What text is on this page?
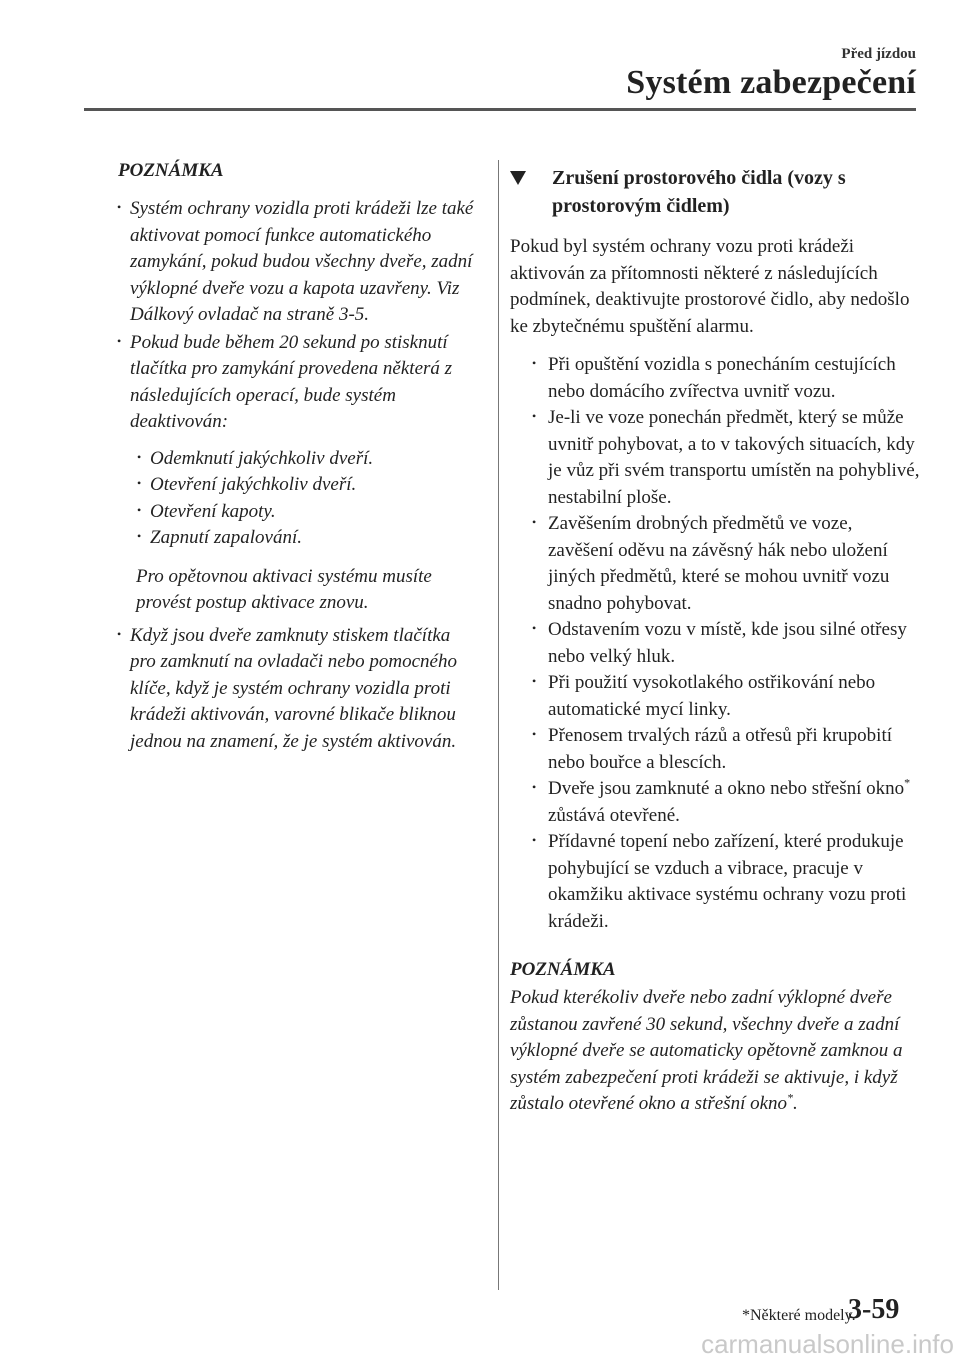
Před jízdou
Systém zabezpečení
POZNÁMKA
• Systém ochrany vozidla proti krádeži lze také aktivovat pomocí funkce automatického zamykání, pokud budou všechny dveře, zadní výklopné dveře vozu a kapota uzavřeny. Viz Dálkový ovladač na straně 3-5.
• Pokud bude během 20 sekund po stisknutí tlačítka pro zamykání provedena některá z následujících operací, bude systém deaktivován:
• Odemknutí jakýchkoliv dveří.
• Otevření jakýchkoliv dveří.
• Otevření kapoty.
• Zapnutí zapalování.
Pro opětovnou aktivaci systému musíte provést postup aktivace znovu.
• Když jsou dveře zamknuty stiskem tlačítka pro zamknutí na ovladači nebo pomocného klíče, když je systém ochrany vozidla proti krádeži aktivován, varovné blikače bliknou jednou na znamení, že je systém aktivován.
Zrušení prostorového čidla (vozy s prostorovým čidlem)

Pokud byl systém ochrany vozu proti krádeži aktivován za přítomnosti některé z následujících podmínek, deaktivujte prostorové čidlo, aby nedošlo ke zbytečnému spuštění alarmu.

• Při opuštění vozidla s ponecháním cestujících nebo domácího zvířectva uvnitř vozu.
• Je-li ve voze ponechán předmět, který se může uvnitř pohybovat, a to v takových situacích, kdy je vůz při svém transportu umístěn na pohyblivé, nestabilní ploše.
• Zavěšením drobných předmětů ve voze, zavěšení oděvu na závěsný hák nebo uložení jiných předmětů, které se mohou uvnitř vozu snadno pohybovat.
• Odstavením vozu v místě, kde jsou silné otřesy nebo velký hluk.
• Při použití vysokotlakého ostřikování nebo automatické mycí linky.
• Přenosem trvalých rázů a otřesů při krupobití nebo bouřce a blescích.
• Dveře jsou zamknuté a okno nebo střešní okno* zůstává otevřené.
• Přídavné topení nebo zařízení, které produkuje pohybující se vzduch a vibrace, pracuje v okamžiku aktivace systému ochrany vozu proti krádeži.
POZNÁMKA

Pokud kterékoliv dveře nebo zadní výklopné dveře zůstanou zavřené 30 sekund, všechny dveře a zadní výklopné dveře se automaticky opětovně zamknou a systém zabezpečení proti krádeži se aktivuje, i když zůstalo otevřené okno a střešní okno*.

*Některé modely.
3-59
carmanualsonline.info
